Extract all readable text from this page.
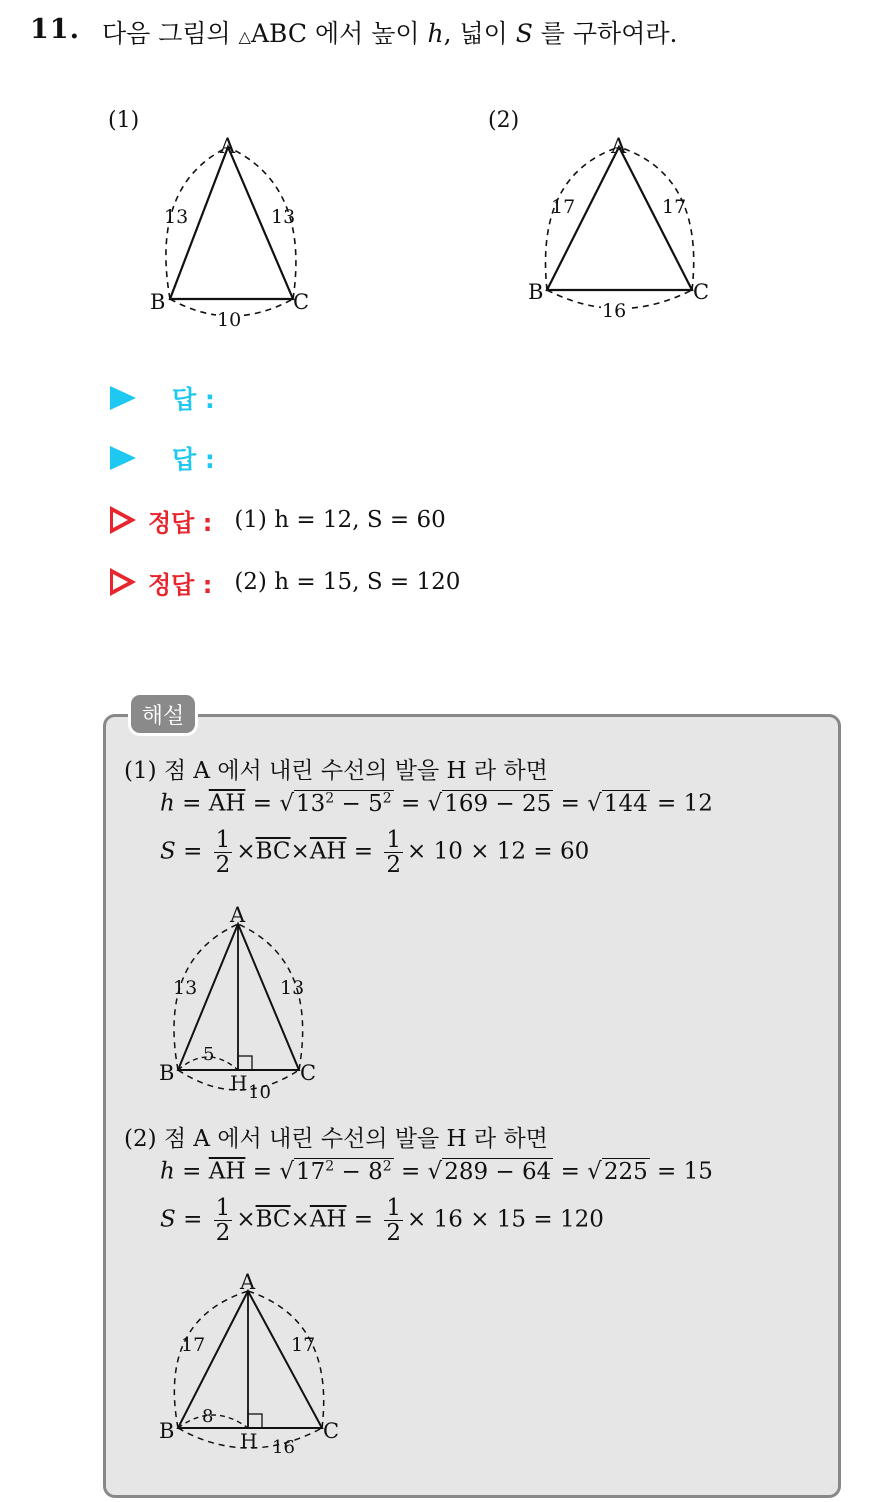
11. 다음 그림의 △ABC 에서 높이 h, 넓이 S 를 구하여라.
(1)
A
B	C
13	13
10
(2)
A
B	C
17	17
16
답 :
답 :
정답 : (1) h = 12, S = 60
정답 : (2) h = 15, S = 120
해설
(1) 점 A 에서 내린 수선의 발을 H 라 하면
$h = \overline{AH} = √13^2 - 5^2 = √169 - 25 = √144 = 12$
$S = \frac{1}{2} \times\overline{BC}\times\overline{AH} = \frac{1}{2} \times 10 \times 12 = 60$
A
B	C
H
13	13
5
10
(2) 점 A 에서 내린 수선의 발을 H 라 하면
$h = \overline{AH} = √17^2 - 8^2 = √289 - 64 = √225 = 15$
$S = \frac{1}{2} \times\overline{BC}\times\overline{AH} = \frac{1}{2} \times 16 \times 15 = 120$
A
B	C
H
17	17
8
16
